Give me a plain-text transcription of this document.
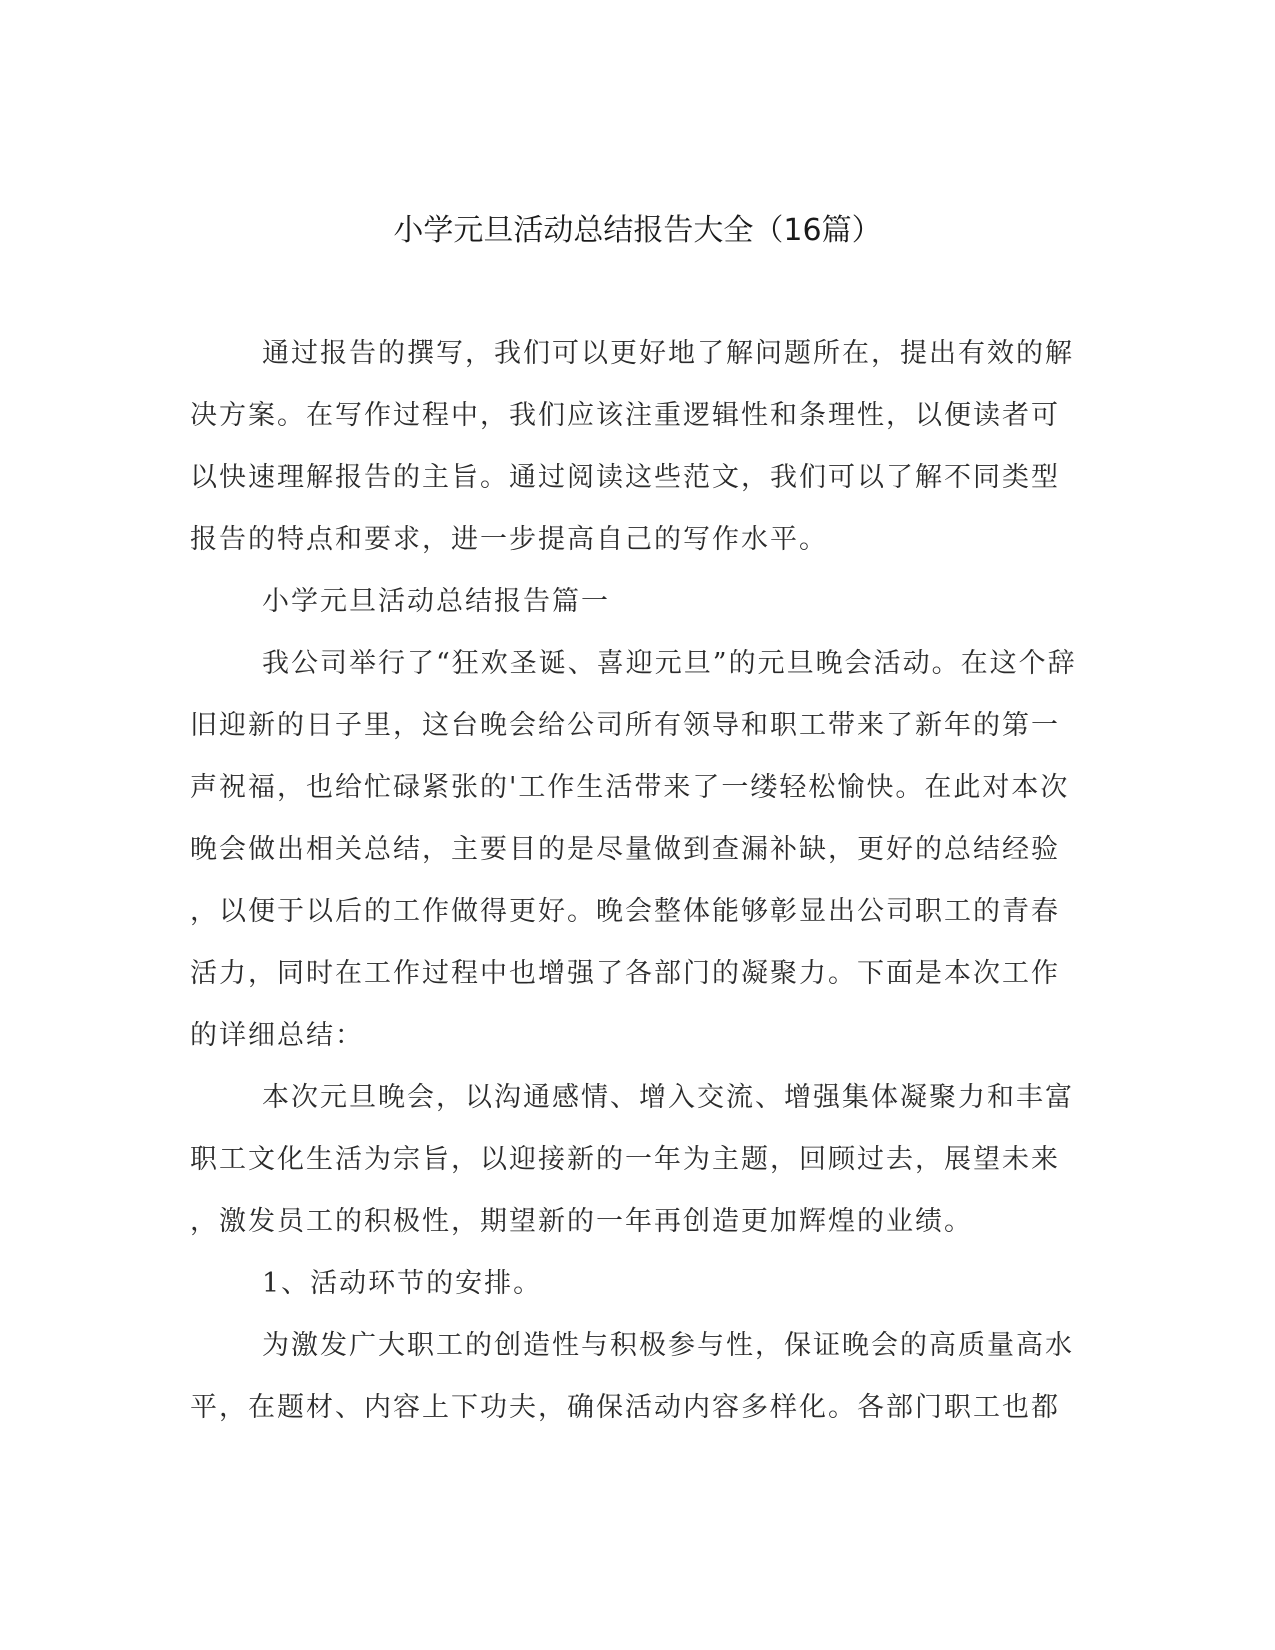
小学元旦活动总结报告大全（16篇）
通过报告的撰写，我们可以更好地了解问题所在，提出有效的解
决方案。在写作过程中，我们应该注重逻辑性和条理性，以便读者可
以快速理解报告的主旨。通过阅读这些范文，我们可以了解不同类型
报告的特点和要求，进一步提高自己的写作水平。
小学元旦活动总结报告篇一
我公司举行了“狂欢圣诞、喜迎元旦”的元旦晚会活动。在这个辞
旧迎新的日子里，这台晚会给公司所有领导和职工带来了新年的第一
声祝福，也给忙碌紧张的'工作生活带来了一缕轻松愉快。在此对本次
晚会做出相关总结，主要目的是尽量做到查漏补缺，更好的总结经验
，以便于以后的工作做得更好。晚会整体能够彰显出公司职工的青春
活力，同时在工作过程中也增强了各部门的凝聚力。下面是本次工作
的详细总结：
本次元旦晚会，以沟通感情、增入交流、增强集体凝聚力和丰富
职工文化生活为宗旨，以迎接新的一年为主题，回顾过去，展望未来
，激发员工的积极性，期望新的一年再创造更加辉煌的业绩。
1、活动环节的安排。
为激发广大职工的创造性与积极参与性，保证晚会的高质量高水
平，在题材、内容上下功夫，确保活动内容多样化。各部门职工也都
